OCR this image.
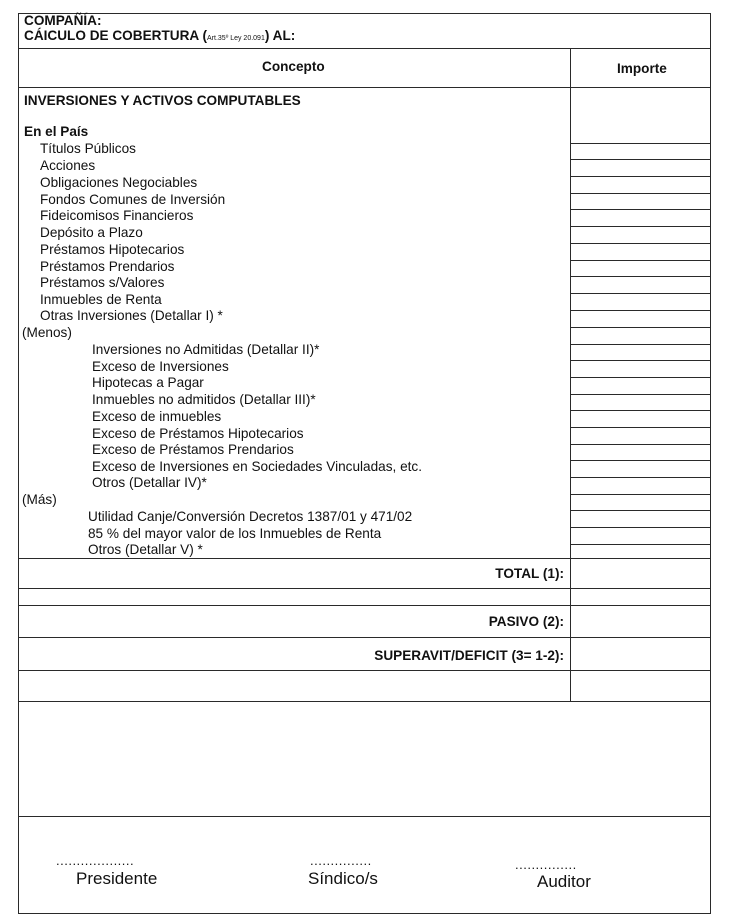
COMPAÑÍA:
CÁICULO DE COBERTURA (Art.35º Ley 20.091) AL:
Concepto	Importe
INVERSIONES Y ACTIVOS COMPUTABLES
En el País
Títulos Públicos
Acciones
Obligaciones Negociables
Fondos Comunes de Inversión
Fideicomisos Financieros
Depósito a Plazo
Préstamos Hipotecarios
Préstamos Prendarios
Préstamos s/Valores
Inmuebles de Renta
Otras Inversiones (Detallar I) *
(Menos)
Inversiones no Admitidas (Detallar II)*
Exceso de Inversiones
Hipotecas a Pagar
Inmuebles no admitidos (Detallar III)*
Exceso de inmuebles
Exceso de Préstamos Hipotecarios
Exceso de Préstamos Prendarios
Exceso de Inversiones en Sociedades Vinculadas, etc.
Otros (Detallar IV)*
(Más)
Utilidad Canje/Conversión Decretos 1387/01 y 471/02
85 % del mayor valor de los Inmuebles de Renta
Otros (Detallar V) *
TOTAL (1):
PASIVO (2):
SUPERAVIT/DEFICIT (3= 1-2):
...................
Presidente
...............
Síndico/s
...............
Auditor
